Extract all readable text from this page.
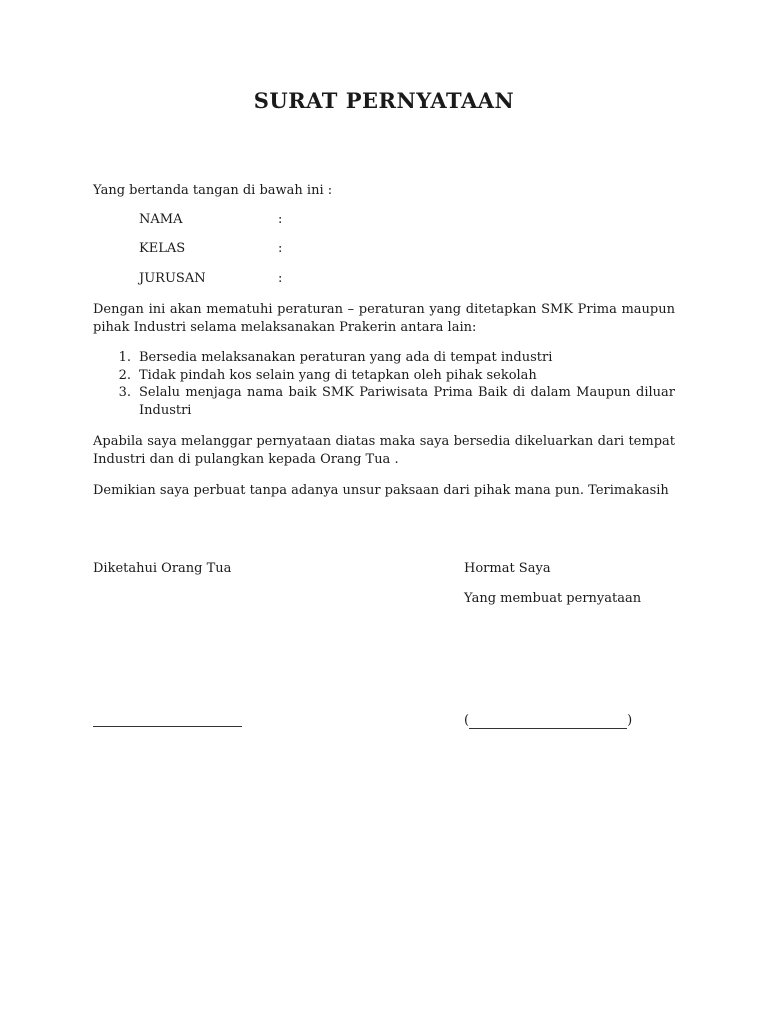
SURAT PERNYATAAN
Yang bertanda tangan di bawah ini :
NAMA	:
KELAS	:
JURUSAN	:
Dengan ini akan mematuhi peraturan – peraturan yang ditetapkan SMK Prima maupun pihak Industri selama melaksanakan Prakerin antara lain:
1. Bersedia melaksanakan peraturan yang ada di tempat industri
2. Tidak pindah kos selain yang di tetapkan oleh pihak sekolah
3. Selalu menjaga nama baik SMK Pariwisata Prima Baik di dalam Maupun diluar Industri
Apabila saya melanggar pernyataan diatas maka saya bersedia dikeluarkan dari tempat Industri dan di pulangkan kepada Orang Tua .
Demikian saya perbuat tanpa adanya unsur paksaan dari pihak mana pun. Terimakasih
Diketahui Orang Tua	Hormat Saya
Yang membuat pernyataan
(	)
